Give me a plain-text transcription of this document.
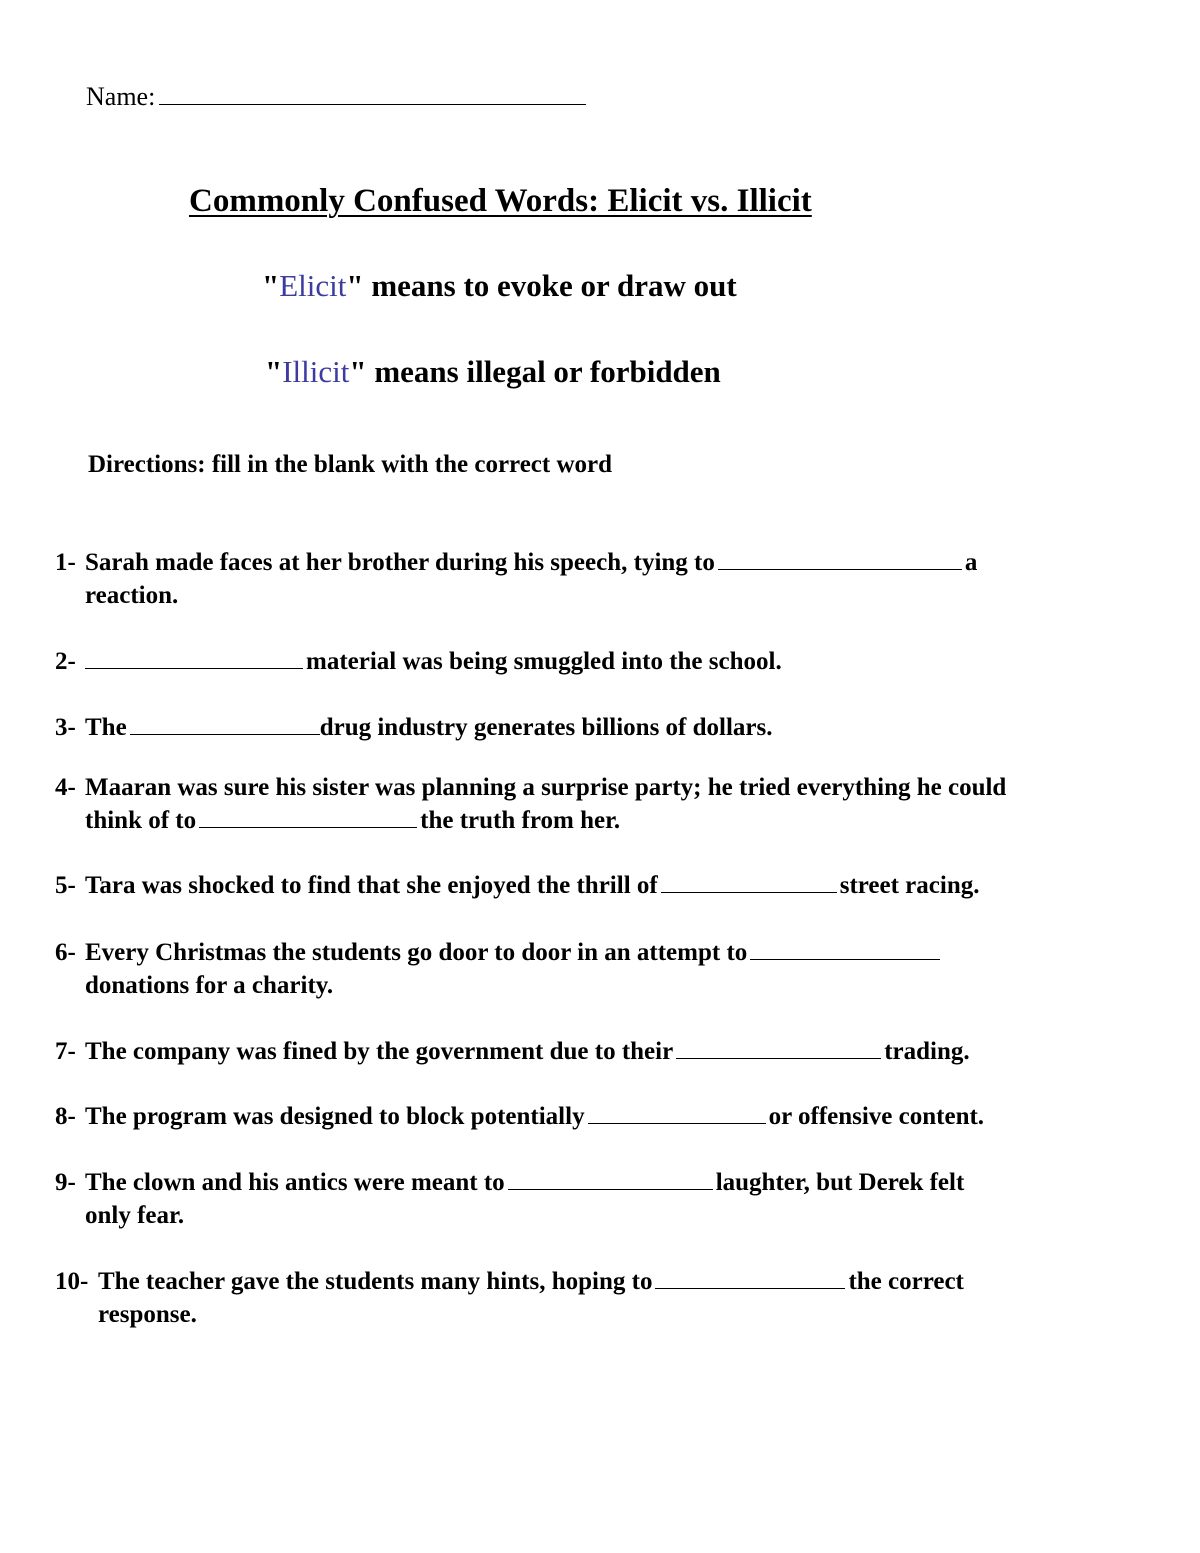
Name:
Commonly Confused Words: Elicit vs. Illicit
"Elicit" means to evoke or draw out
"Illicit" means illegal or forbidden
Directions: fill in the blank with the correct word
1- Sarah made faces at her brother during his speech, tying to	a
reaction.
2-	material was being smuggled into the school.
3- The	drug industry generates billions of dollars.
4- Maaran was sure his sister was planning a surprise party; he tried everything he could
think of to	the truth from her.
5- Tara was shocked to find that she enjoyed the thrill of	street racing.
6- Every Christmas the students go door to door in an attempt to
donations for a charity.
7- The company was fined by the government due to their	trading.
8- The program was designed to block potentially	or offensive content.
9- The clown and his antics were meant to	laughter, but Derek felt
only fear.
10- The teacher gave the students many hints, hoping to	the correct
response.
